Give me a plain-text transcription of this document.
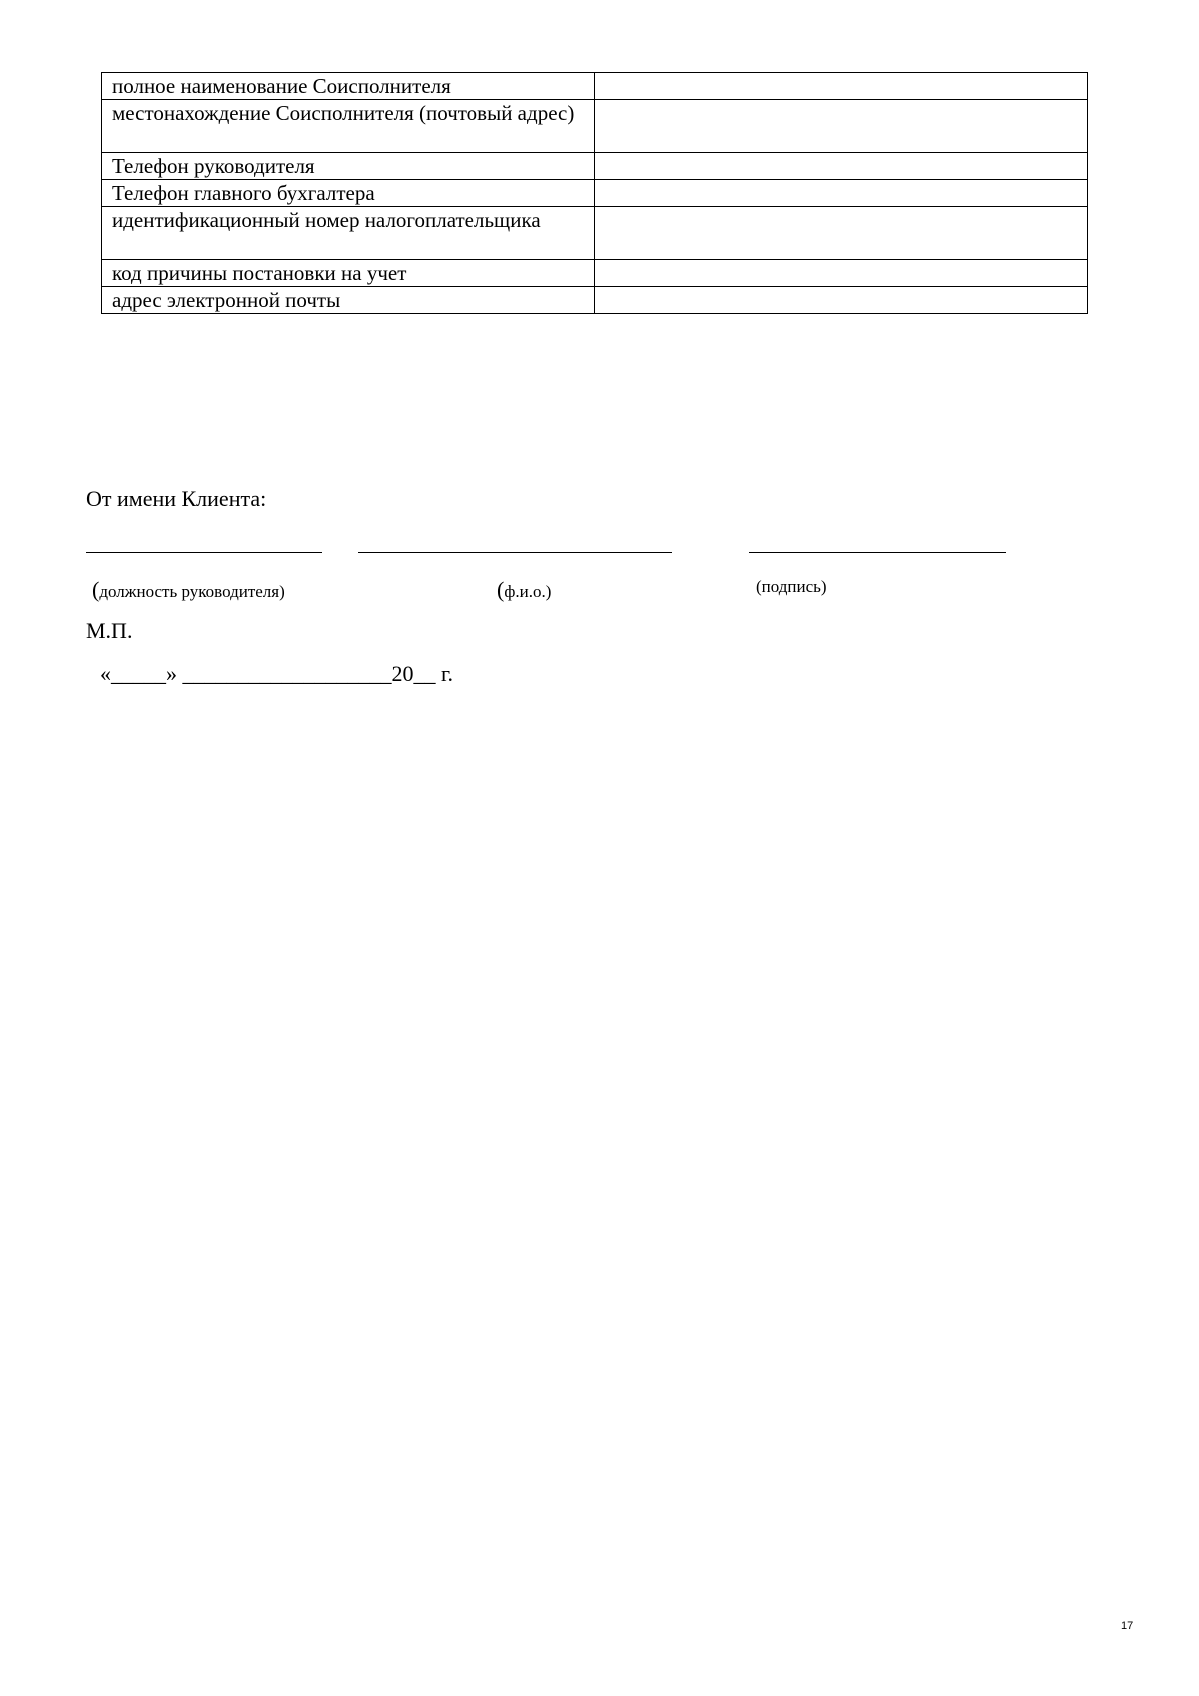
полное наименование Соисполнителя	
местонахождение Соисполнителя (почтовый адрес)	
Телефон руководителя	
Телефон главного бухгалтера	
идентификационный номер налогоплательщика	
код причины постановки на учет	
адрес электронной почты	
От имени Клиента:
(должность руководителя)	(ф.и.о.)	(подпись)
М.П.
«_____» ___________________20__ г.
17
